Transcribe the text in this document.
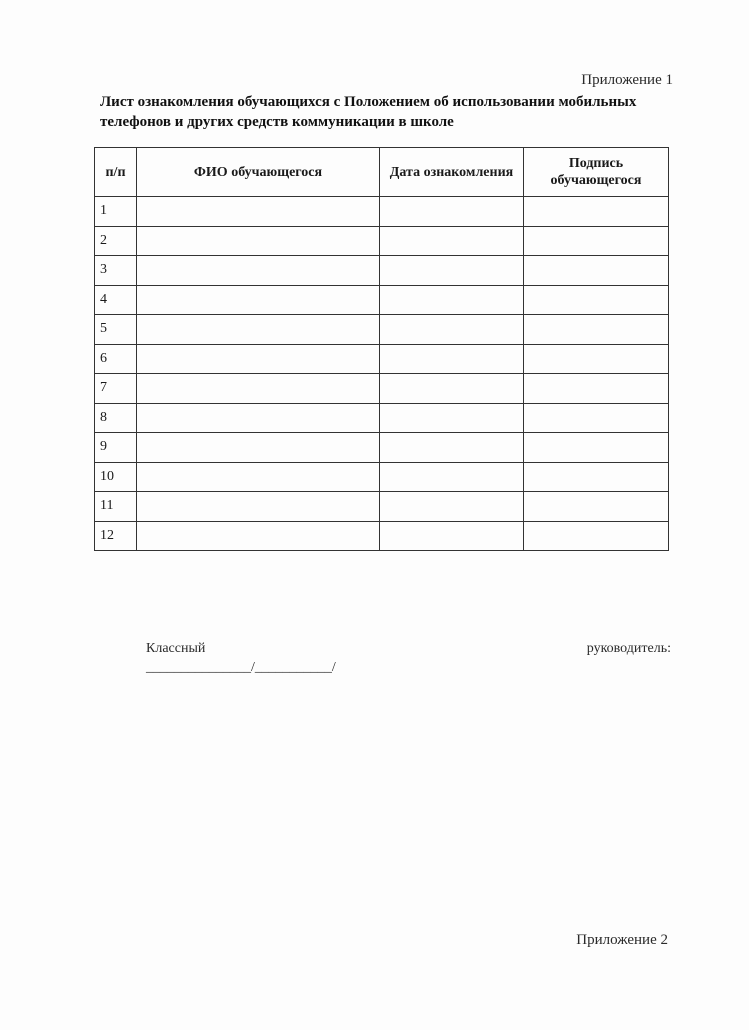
Приложение 1
Лист ознакомления обучающихся с Положением об использовании мобильных телефонов и других средств коммуникации в школе
п/п	ФИО обучающегося	Дата ознакомления	Подпись обучающегося
1			
2			
3			
4			
5			
6			
7			
8			
9			
10			
11			
12			
Классный	руководитель:
_______________/___________/
Приложение 2
